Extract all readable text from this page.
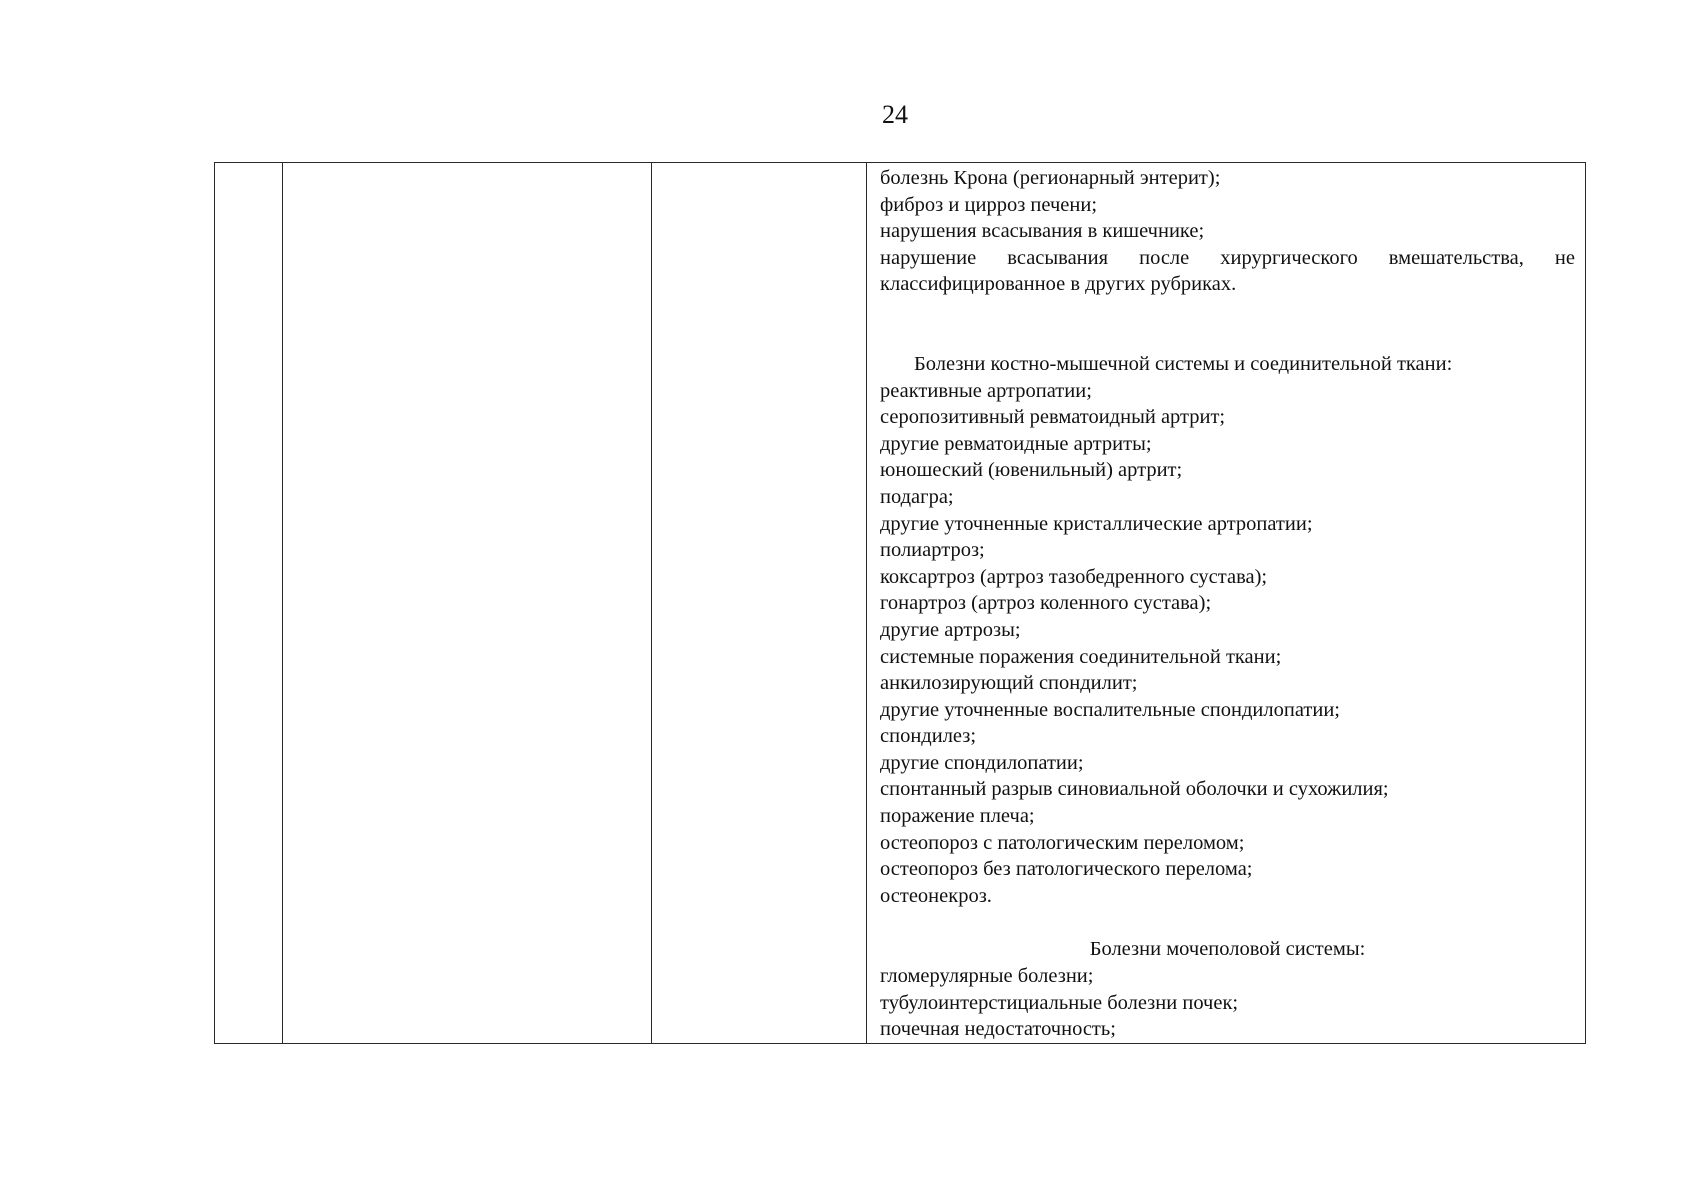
24

болезнь Крона (регионарный энтерит);
фиброз и цирроз печени;
нарушения всасывания в кишечнике;
нарушение всасывания после хирургического вмешательства, не
классифицированное в других рубриках.
Болезни костно-мышечной системы и соединительной ткани:
реактивные артропатии;
серопозитивный ревматоидный артрит;
другие ревматоидные артриты;
юношеский (ювенильный) артрит;
подагра;
другие уточненные кристаллические артропатии;
полиартроз;
коксартроз (артроз тазобедренного сустава);
гонартроз (артроз коленного сустава);
другие артрозы;
системные поражения соединительной ткани;
анкилозирующий спондилит;
другие уточненные воспалительные спондилопатии;
спондилез;
другие спондилопатии;
спонтанный разрыв синовиальной оболочки и сухожилия;
поражение плеча;
остеопороз с патологическим переломом;
остеопороз без патологического перелома;
остеонекроз.
Болезни мочеполовой системы:
гломерулярные болезни;
тубулоинтерстициальные болезни почек;
почечная недостаточность;
